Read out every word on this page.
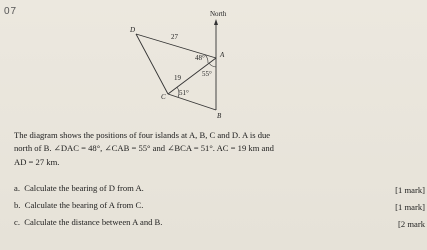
07	North
D
A
C
B
27
19
48°
55°
51°
The diagram shows the positions of four islands at A, B, C and D. A is due
north of B. ∠DAC = 48°, ∠CAB = 55° and ∠BCA = 51°. AC = 19 km and
AD = 27 km.
a. Calculate the bearing of D from A.	[1 mark]
b. Calculate the bearing of A from C.	[1 mark]
c. Calculate the distance between A and B.	[2 mark
